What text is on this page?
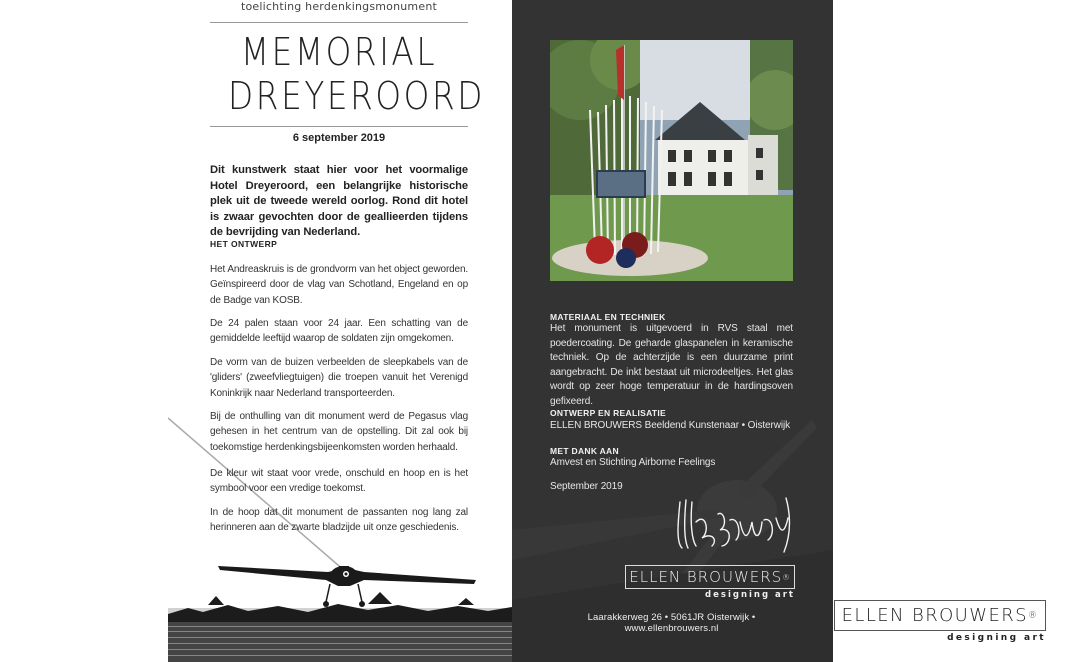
toelichting herdenkingsmonument
MEMORIAL
DREYEROORD
6 september 2019
Dit kunstwerk staat hier voor het voormalige Hotel Dreyeroord, een belangrijke historische plek uit de tweede wereld oorlog. Rond dit hotel is zwaar gevochten door de geallieerden tijdens de bevrijding van Nederland.
HET ONTWERP
Het Andreaskruis is de grondvorm van het object geworden. Geïnspireerd door de vlag van Schotland, Engeland en op de Badge van KOSB.
De 24 palen staan voor 24 jaar. Een schatting van de gemiddelde leeftijd waarop de soldaten zijn omgekomen.
De vorm van de buizen verbeelden de sleepkabels van de 'gliders' (zweefvliegtuigen) die troepen vanuit het Verenigd Koninkrijk naar Nederland transporteerden.
Bij de onthulling van dit monument werd de Pegasus vlag gehesen in het centrum van de opstelling. Dit zal ook bij toekomstige herdenkingsbijeenkomsten worden herhaald.
De kleur wit staat voor vrede, onschuld en hoop en is het symbool voor een vredige toekomst.
In de hoop dat dit monument de passanten nog lang zal herinneren aan de zwarte bladzijde uit onze geschiedenis.
MATERIAAL EN TECHNIEK
Het monument is uitgevoerd in RVS staal met poedercoating. De geharde glaspanelen in keramische techniek. Op de achterzijde is een duurzame print aangebracht. De inkt bestaat uit microdeeltjes. Het glas wordt op zeer hoge temperatuur in de hardingsoven gefixeerd.
ONTWERP EN REALISATIE
ELLEN BROUWERS Beeldend Kunstenaar • Oisterwijk
MET DANK AAN
Amvest en Stichting Airborne Feelings
September 2019
ELLEN BROUWERS ®
designing art
Laarakkerweg 26 • 5061JR Oisterwijk • www.ellenbrouwers.nl
ELLEN BROUWERS ®
designing art
